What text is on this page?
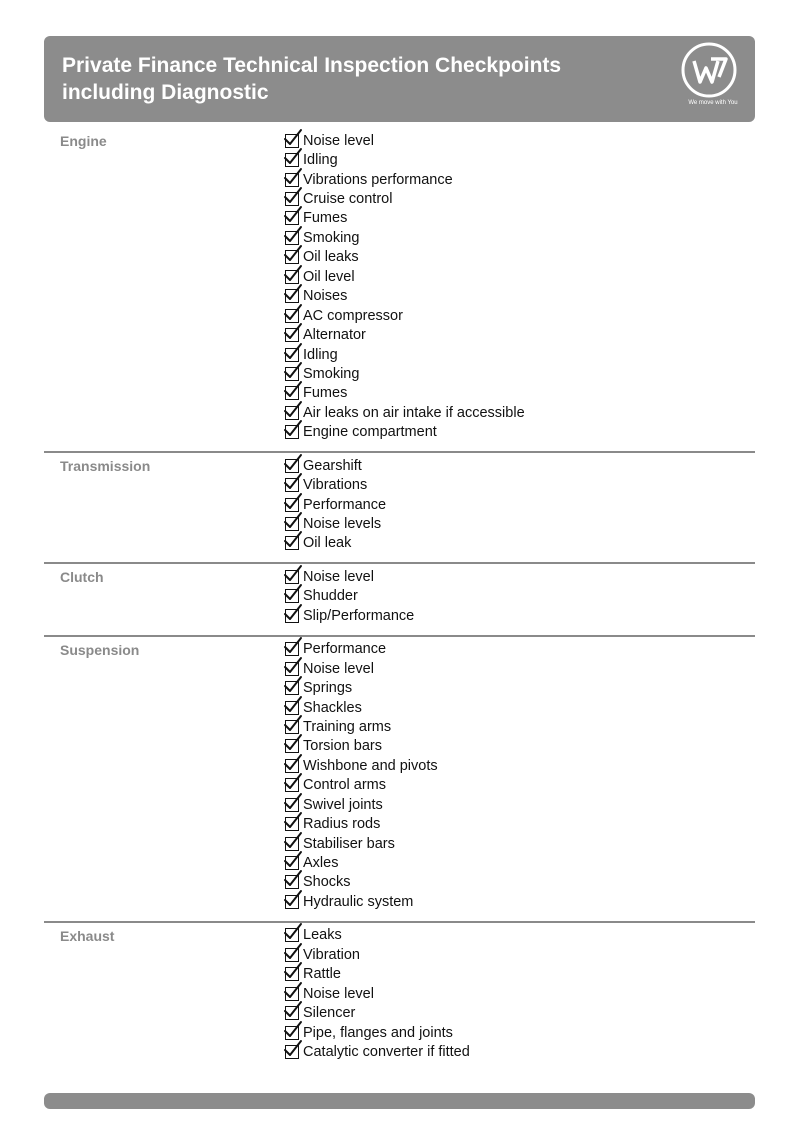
Private Finance Technical Inspection Checkpoints
including Diagnostic	We move with You
Engine	Noise level
Idling
Vibrations performance
Cruise control
Fumes
Smoking
Oil leaks
Oil level
Noises
AC compressor
Alternator
Idling
Smoking
Fumes
Air leaks on air intake if accessible
Engine compartment
Transmission	Gearshift
Vibrations
Performance
Noise levels
Oil leak
Clutch	Noise level
Shudder
Slip/Performance
Suspension	Performance
Noise level
Springs
Shackles
Training arms
Torsion bars
Wishbone and pivots
Control arms
Swivel joints
Radius rods
Stabiliser bars
Axles
Shocks
Hydraulic system
Exhaust	Leaks
Vibration
Rattle
Noise level
Silencer
Pipe, flanges and joints
Catalytic converter if fitted
